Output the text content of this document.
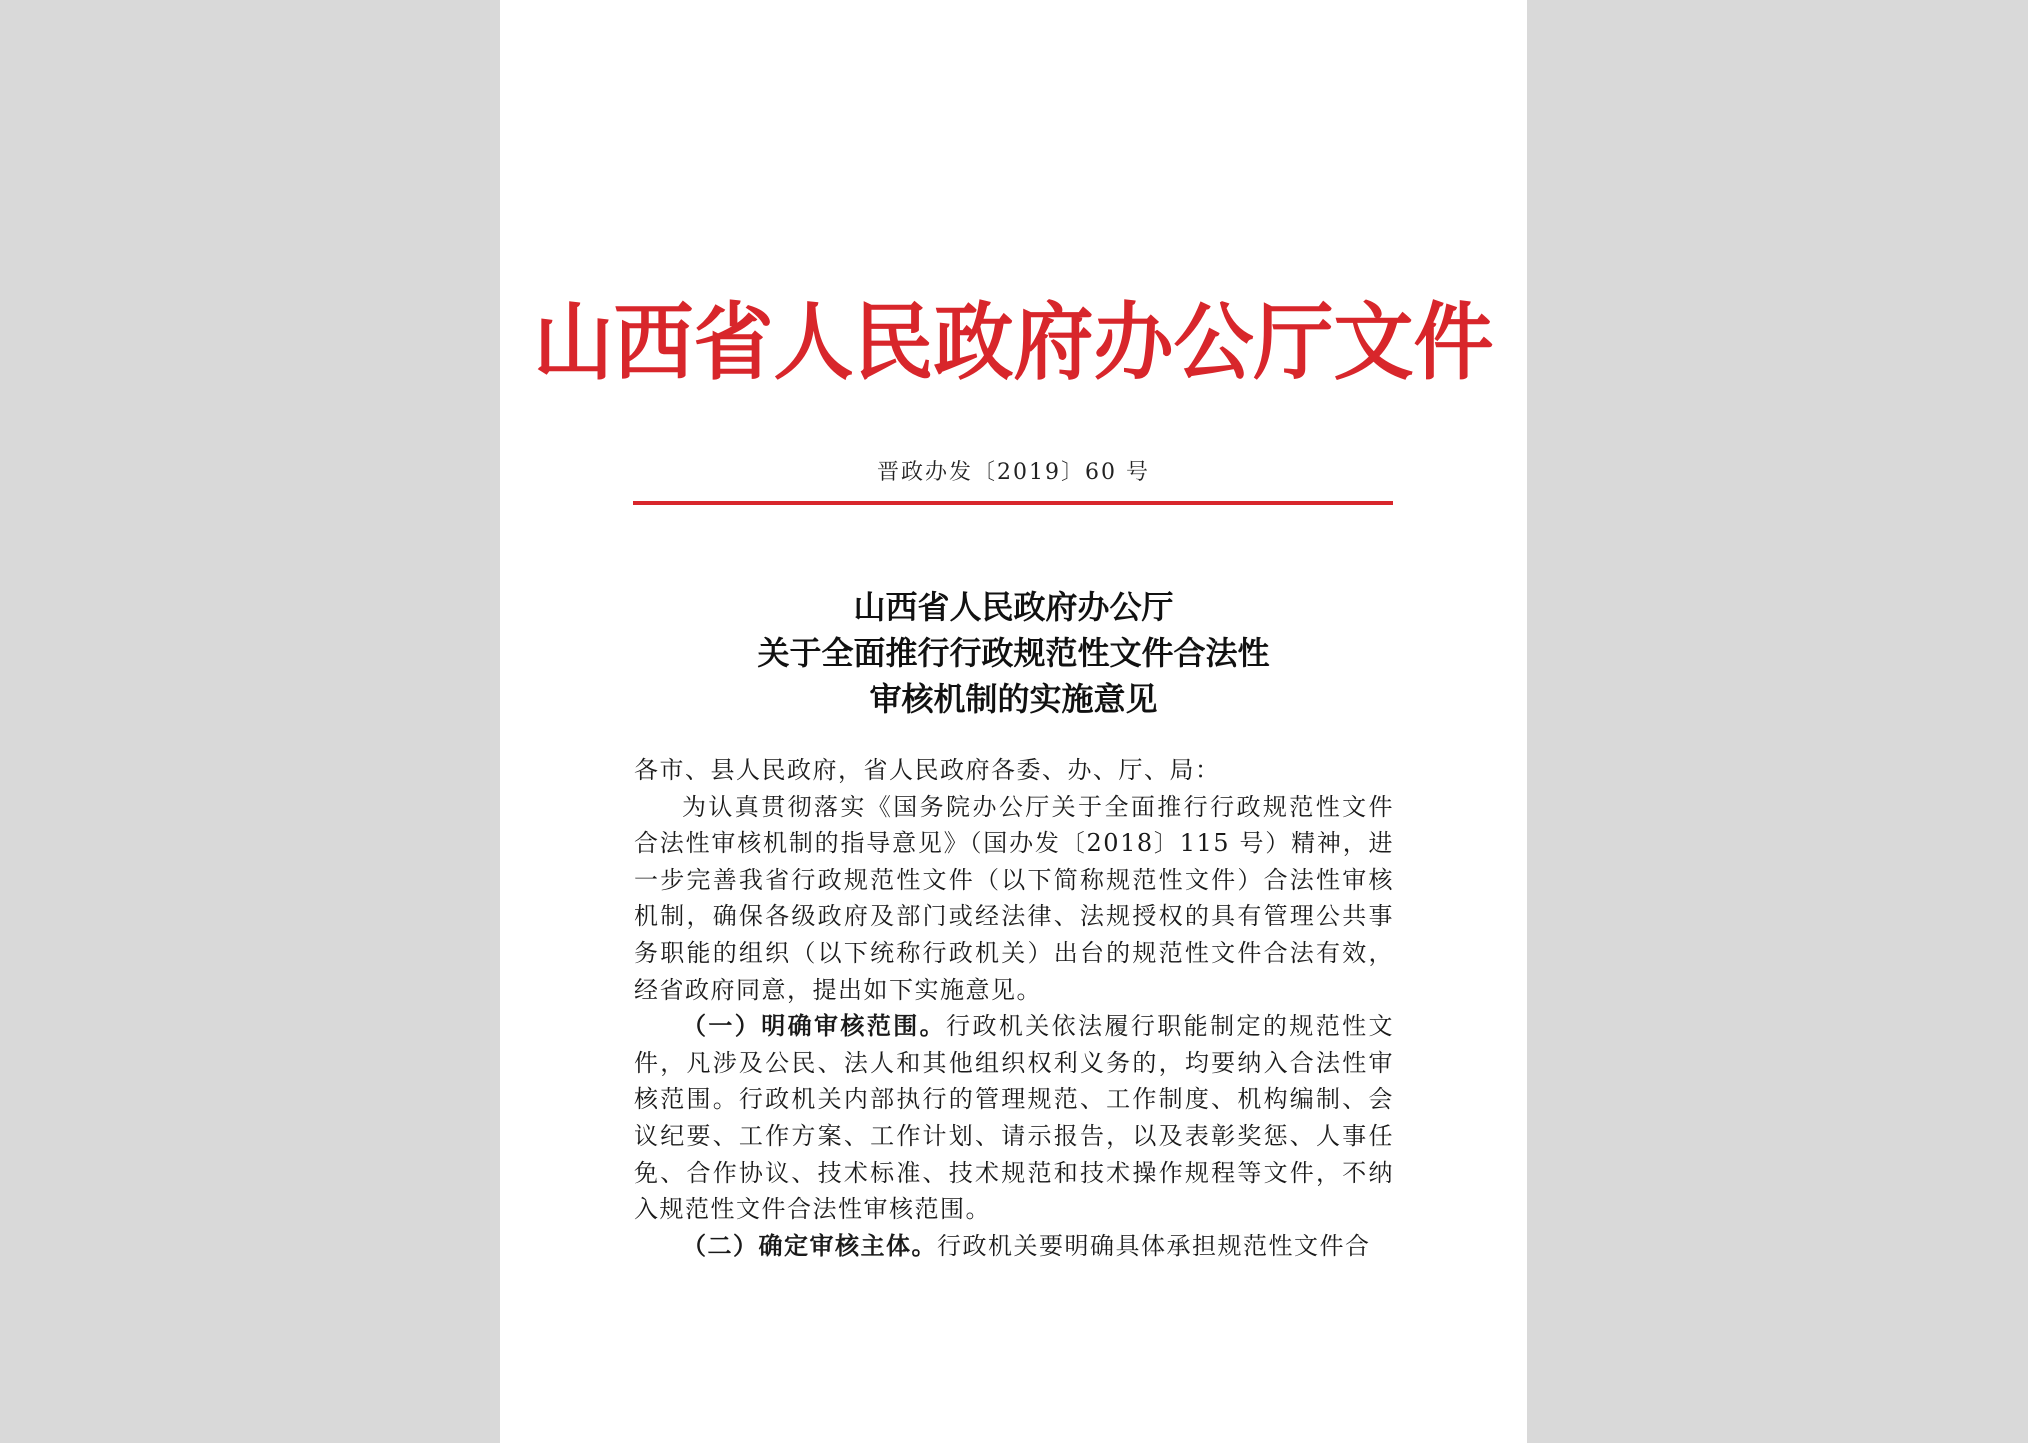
山西省人民政府办公厅文件
晋政办发〔2019〕60 号
山西省人民政府办公厅
关于全面推行行政规范性文件合法性
审核机制的实施意见

各市、县人民政府，省人民政府各委、办、厅、局：

为认真贯彻落实《国务院办公厅关于全面推行行政规范性文件合法性审核机制的指导意见》（国办发〔2018〕115 号）精神，进一步完善我省行政规范性文件（以下简称规范性文件）合法性审核机制，确保各级政府及部门或经法律、法规授权的具有管理公共事务职能的组织（以下统称行政机关）出台的规范性文件合法有效，经省政府同意，提出如下实施意见。

（一）明确审核范围。行政机关依法履行职能制定的规范性文件，凡涉及公民、法人和其他组织权利义务的，均要纳入合法性审核范围。行政机关内部执行的管理规范、工作制度、机构编制、会议纪要、工作方案、工作计划、请示报告，以及表彰奖惩、人事任免、合作协议、技术标准、技术规范和技术操作规程等文件，不纳入规范性文件合法性审核范围。

（二）确定审核主体。行政机关要明确具体承担规范性文件合
